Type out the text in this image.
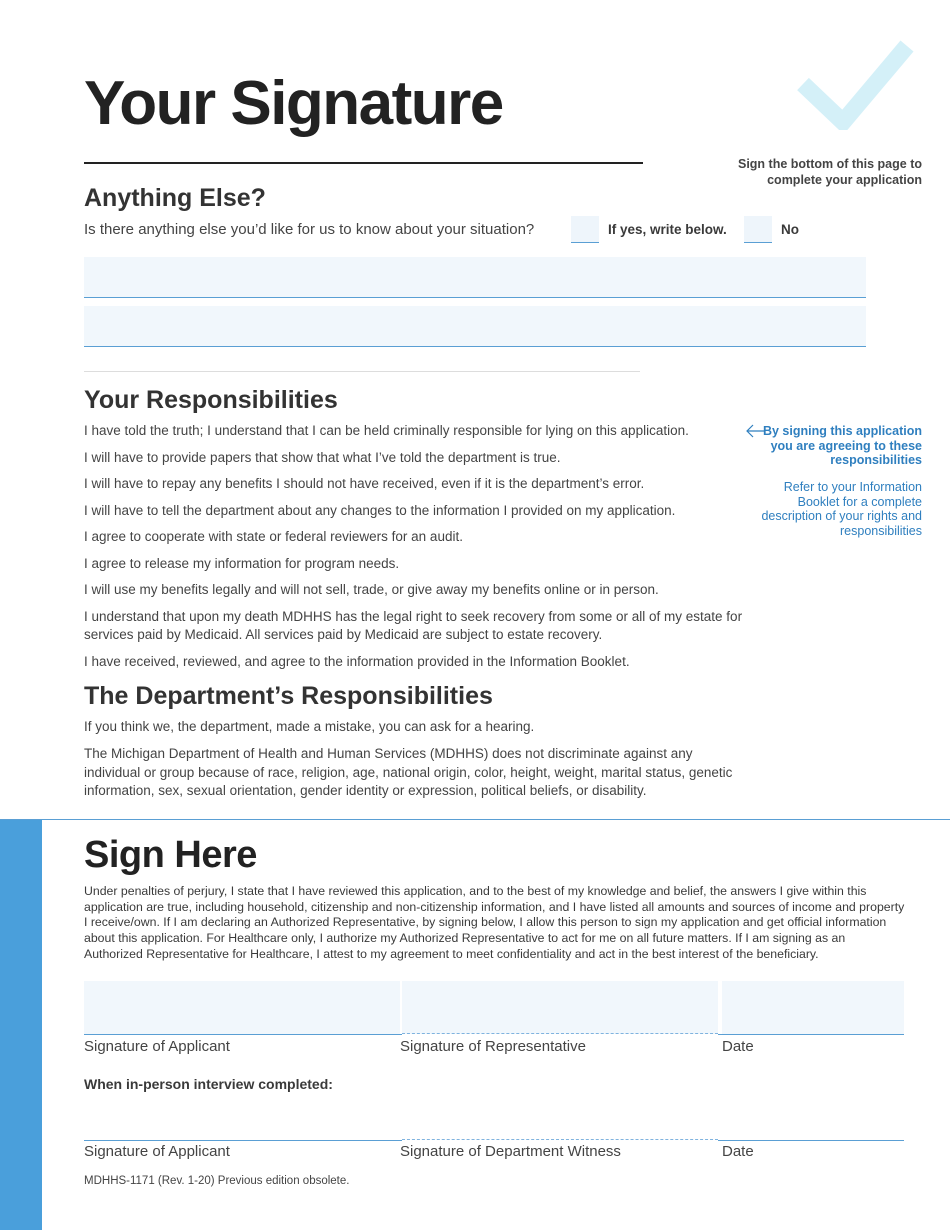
Your Signature
Sign the bottom of this page to complete your application
Anything Else?
Is there anything else you’d like for us to know about your situation?	If yes, write below.	No
Your Responsibilities
I have told the truth; I understand that I can be held criminally responsible for lying on this application.
I will have to provide papers that show that what I’ve told the department is true.
I will have to repay any benefits I should not have received, even if it is the department’s error.
I will have to tell the department about any changes to the information I provided on my application.
I agree to cooperate with state or federal reviewers for an audit.
I agree to release my information for program needs.
I will use my benefits legally and will not sell, trade, or give away my benefits online or in person.
I understand that upon my death MDHHS has the legal right to seek recovery from some or all of my estate for services paid by Medicaid. All services paid by Medicaid are subject to estate recovery.
I have received, reviewed, and agree to the information provided in the Information Booklet.
By signing this application you are agreeing to these responsibilities
Refer to your Information Booklet for a complete description of your rights and responsibilities
The Department’s Responsibilities

If you think we, the department, made a mistake, you can ask for a hearing.

The Michigan Department of Health and Human Services (MDHHS) does not discriminate against any individual or group because of race, religion, age, national origin, color, height, weight, marital status, genetic information, sex, sexual orientation, gender identity or expression, political beliefs, or disability.

Sign Here

Under penalties of perjury, I state that I have reviewed this application, and to the best of my knowledge and belief, the answers I give within this application are true, including household, citizenship and non-citizenship information, and I have listed all amounts and sources of income and property I receive/own. If I am declaring an Authorized Representative, by signing below, I allow this person to sign my application and get official information about this application. For Healthcare only, I authorize my Authorized Representative to act for me on all future matters. If I am signing as an Authorized Representative for Healthcare, I attest to my agreement to meet confidentiality and act in the best interest of the beneficiary.

Signature of Applicant	Signature of Representative	Date
When in-person interview completed:
Signature of Applicant	Signature of Department Witness	Date
MDHHS-1171 (Rev. 1-20) Previous edition obsolete.
